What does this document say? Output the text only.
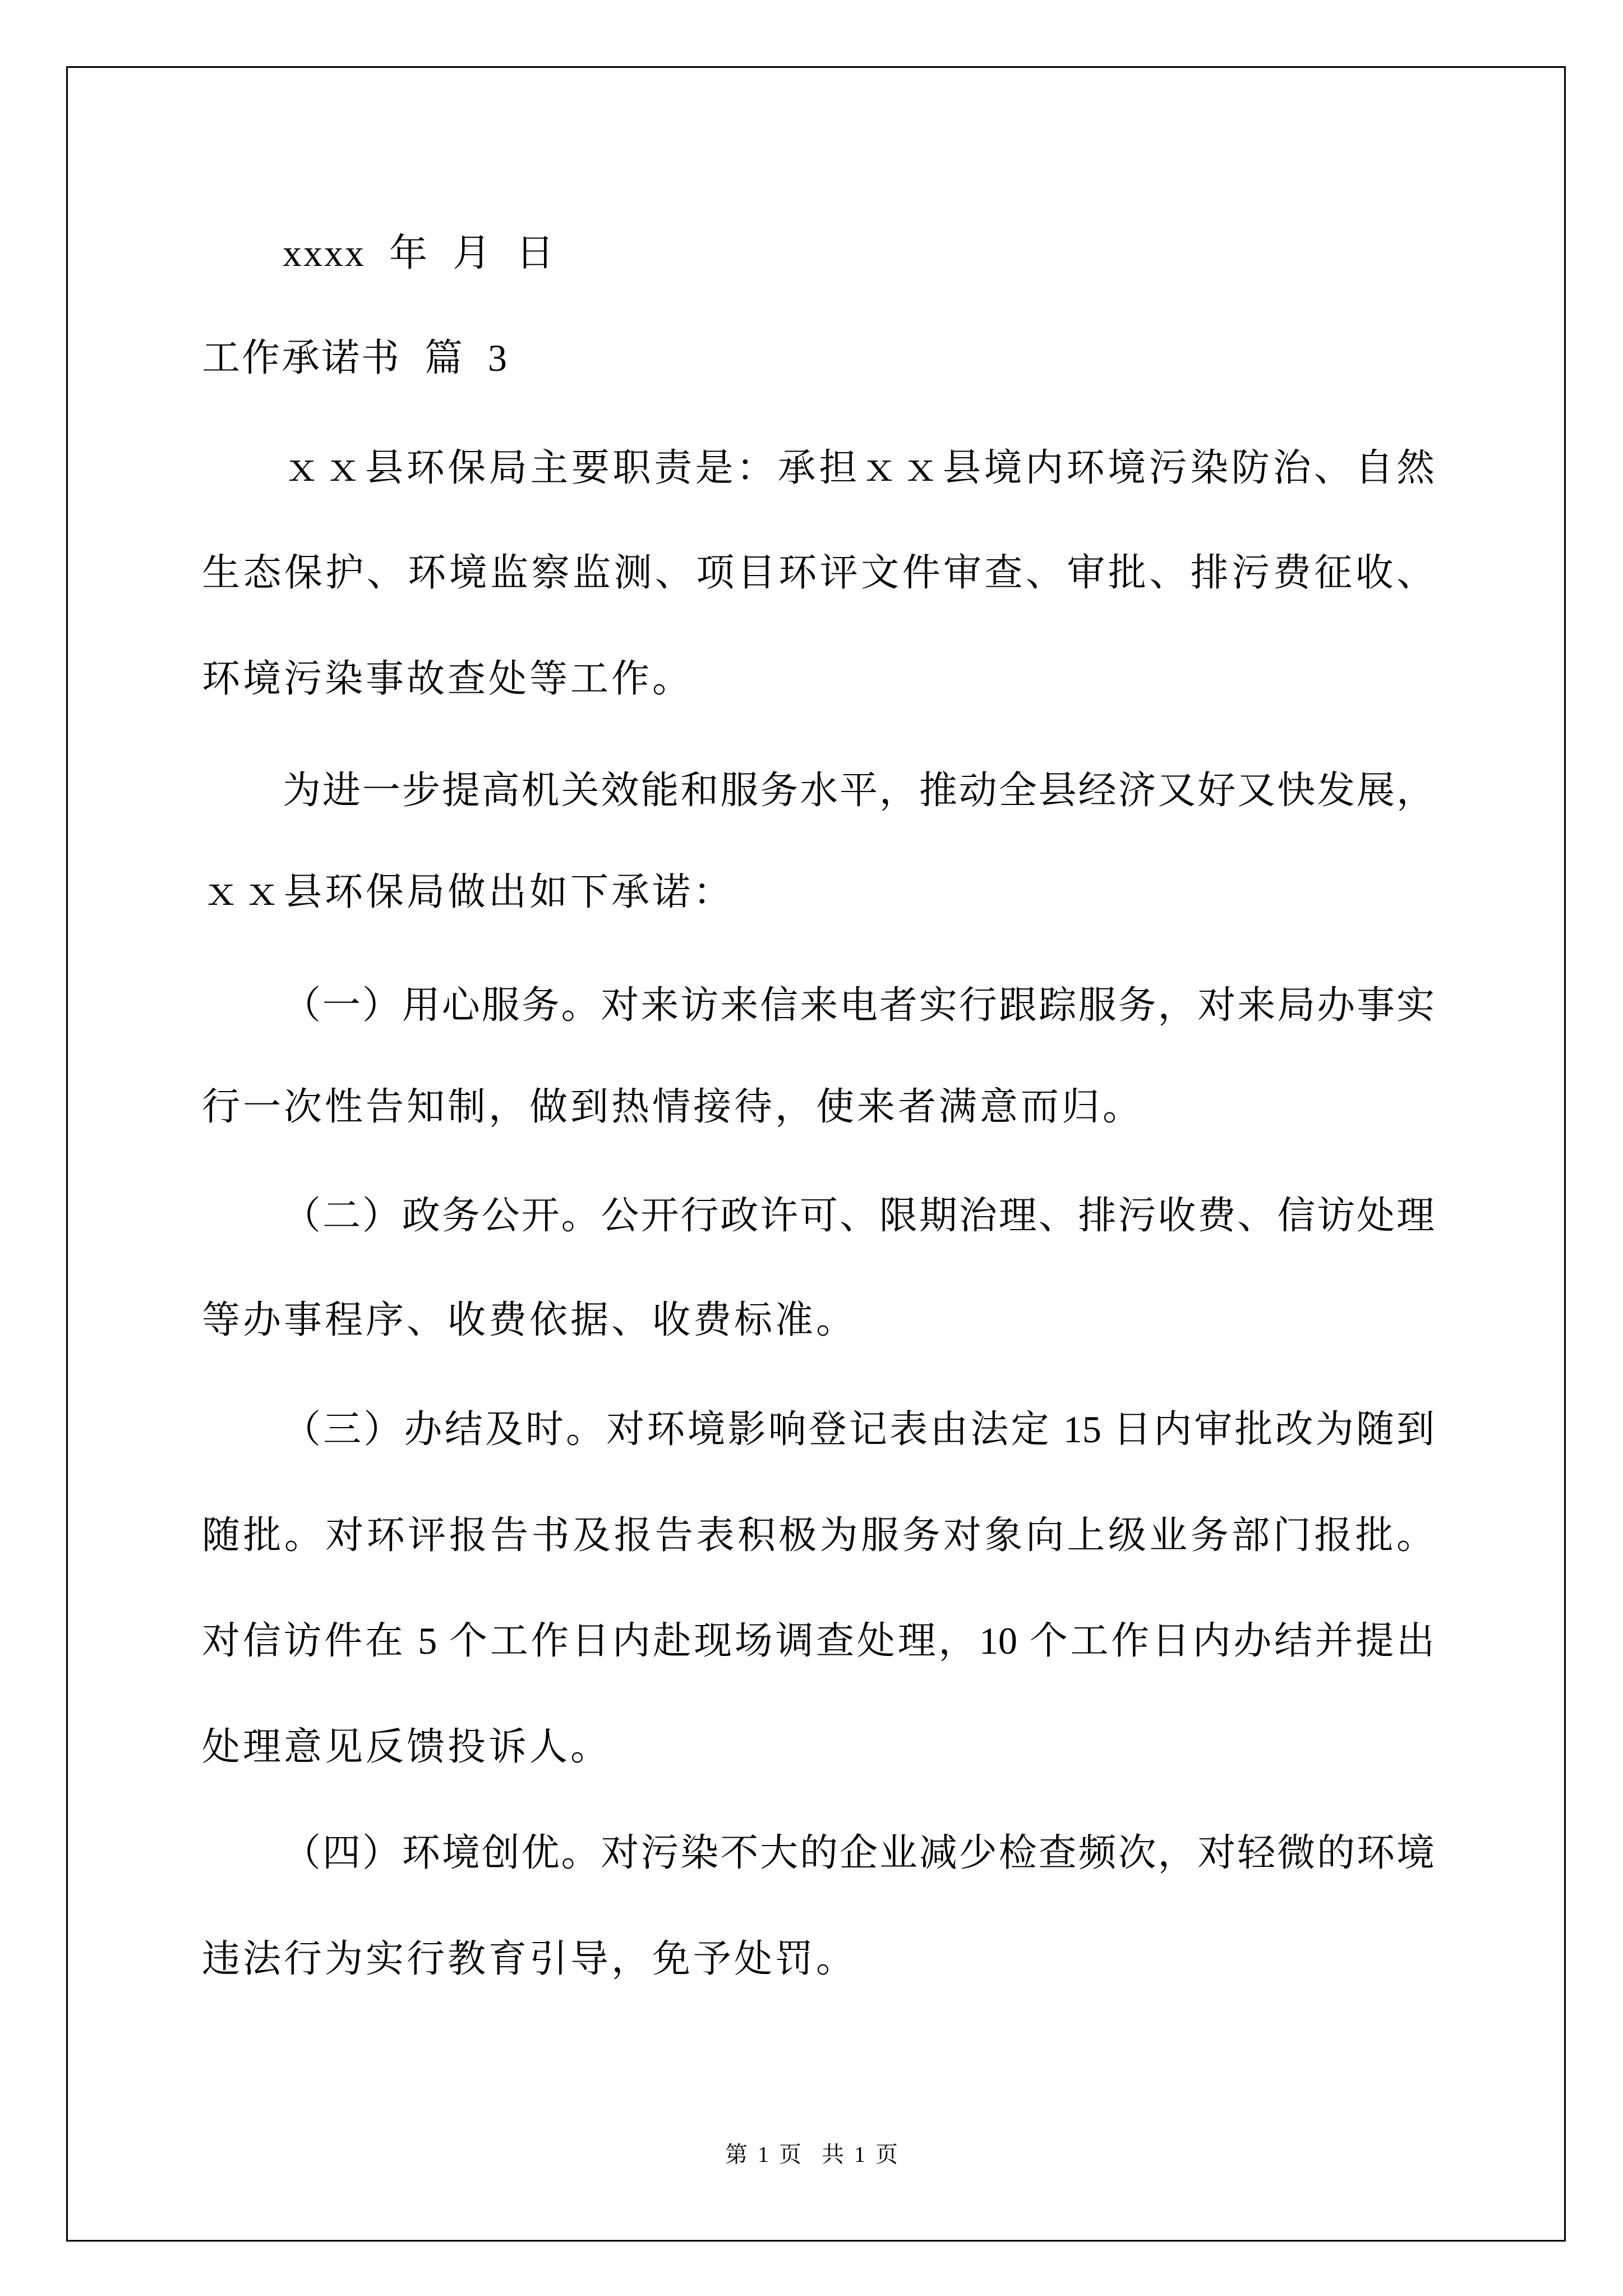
xxxx 年 月 日
工作承诺书 篇 3
ｘｘ县环保局主要职责是：承担ｘｘ县境内环境污染防治、自然
生态保护、环境监察监测、项目环评文件审查、审批、排污费征收、
环境污染事故查处等工作。
为进一步提高机关效能和服务水平，推动全县经济又好又快发展，
ｘｘ县环保局做出如下承诺：
（一）用心服务。对来访来信来电者实行跟踪服务，对来局办事实
行一次性告知制，做到热情接待，使来者满意而归。
（二）政务公开。公开行政许可、限期治理、排污收费、信访处理
等办事程序、收费依据、收费标准。
（三）办结及时。对环境影响登记表由法定 15 日内审批改为随到
随批。对环评报告书及报告表积极为服务对象向上级业务部门报批。
对信访件在 5 个工作日内赴现场调查处理，10 个工作日内办结并提出
处理意见反馈投诉人。
（四）环境创优。对污染不大的企业减少检查频次，对轻微的环境
违法行为实行教育引导，免予处罚。
第 1 页  共 1 页
